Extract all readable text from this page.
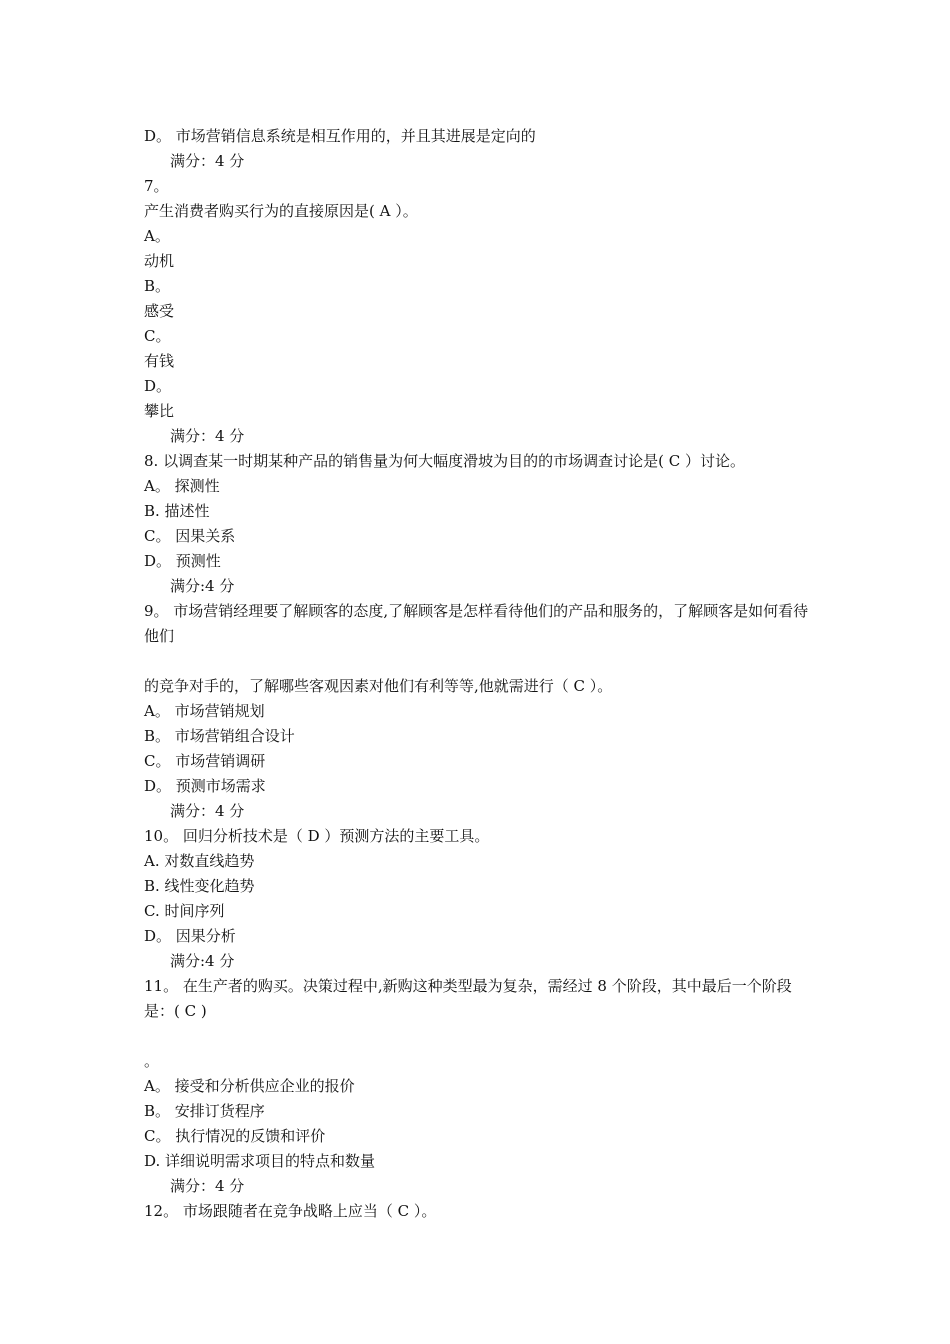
D。 市场营销信息系统是相互作用的，并且其进展是定向的
满分：4 分
7。
产生消费者购买行为的直接原因是( A ）。
A。
动机
B。
感受
C。
有钱
D。
攀比
满分：4 分
8. 以调查某一时期某种产品的销售量为何大幅度滑坡为目的的市场调查讨论是( C ）讨论。
A。 探测性
B. 描述性
C。 因果关系
D。 预测性
满分:4 分
9。 市场营销经理要了解顾客的态度,了解顾客是怎样看待他们的产品和服务的，了解顾客是如何看待他们
的竞争对手的，了解哪些客观因素对他们有利等等,他就需进行（ C ）。
A。 市场营销规划
B。 市场营销组合设计
C。 市场营销调研
D。 预测市场需求
满分：4 分
10。 回归分析技术是（ D ）预测方法的主要工具。
A. 对数直线趋势
B. 线性变化趋势
C. 时间序列
D。 因果分析
满分:4 分
11。 在生产者的购买。决策过程中,新购这种类型最为复杂，需经过 8 个阶段，其中最后一个阶段是：( C )
。
A。 接受和分析供应企业的报价
B。 安排订货程序
C。 执行情况的反馈和评价
D. 详细说明需求项目的特点和数量
满分：4 分
12。 市场跟随者在竞争战略上应当（ C ）。
